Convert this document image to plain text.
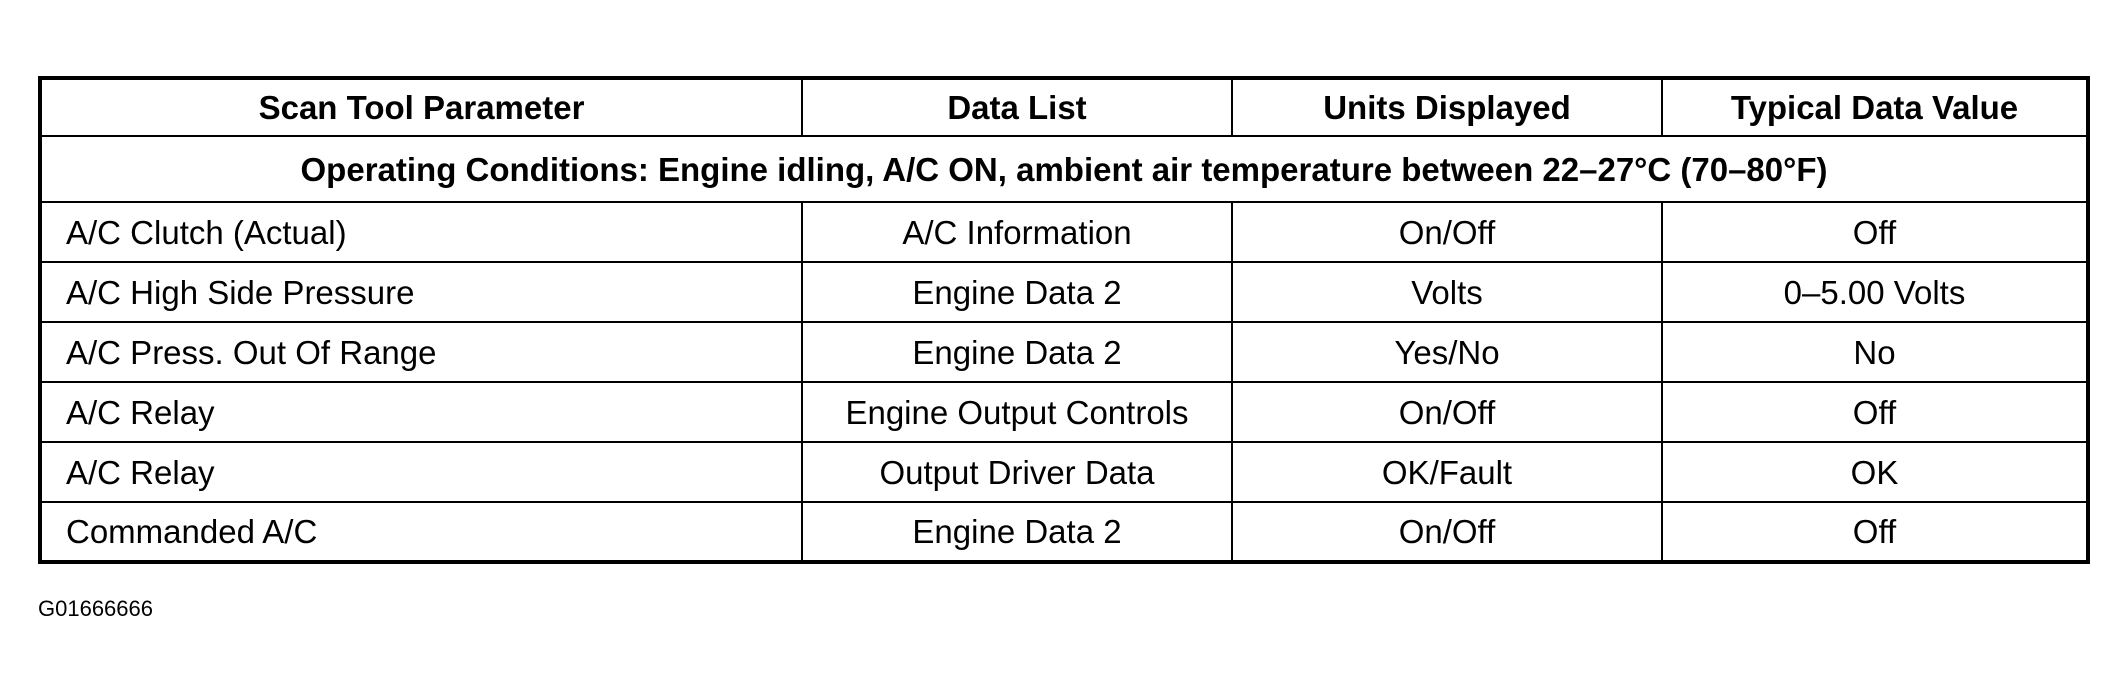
Scan Tool Parameter	Data List	Units Displayed	Typical Data Value
Operating Conditions: Engine idling, A/C ON, ambient air temperature between 22–27°C (70–80°F)			
A/C Clutch (Actual)	A/C Information	On/Off	Off
A/C High Side Pressure	Engine Data 2	Volts	0–5.00 Volts
A/C Press. Out Of Range	Engine Data 2	Yes/No	No
A/C Relay	Engine Output Controls	On/Off	Off
A/C Relay	Output Driver Data	OK/Fault	OK
Commanded A/C	Engine Data 2	On/Off	Off
G01666666
